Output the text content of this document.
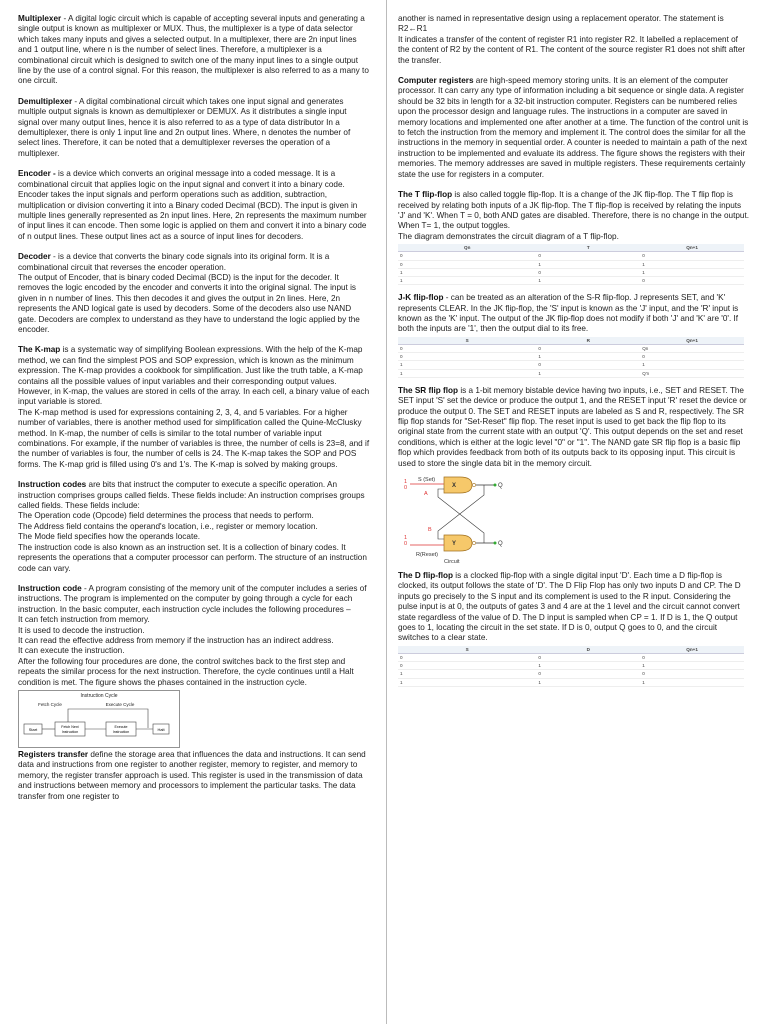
Multiplexer - A digital logic circuit which is capable of accepting several inputs and generating a single output is known as multiplexer or MUX. Thus, the multiplexer is a type of data selector which takes many inputs and gives a selected output. In a multiplexer, there are 2n input lines and 1 output line, where n is the number of select lines. Therefore, a multiplexer is a combinational circuit which is designed to switch one of the many input lines to a single output line by the use of a control signal. For this reason, the multiplexer is also referred to as a many to one circuit.

Demultiplexer - A digital combinational circuit which takes one input signal and generates multiple output signals is known as demultiplexer or DEMUX. As it distributes a single input signal over many output lines, hence it is also referred to as a type of data distributor In a demultiplexer, there is only 1 input line and 2n output lines. Where, n denotes the number of select lines. Therefore, it can be noted that a demultiplexer reverses the operation of a multiplexer.

Encoder - is a device which converts an original message into a coded message. It is a combinational circuit that applies logic on the input signal and convert it into a binary code. Encoder takes the input signals and perform operations such as addition, subtraction, multiplication or division converting it into a Binary coded Decimal (BCD). The input is given in multiple lines generally represented as 2n input lines. Here, 2n represents the maximum number of input lines it can encode. Then some logic is applied on them and convert it into a binary code of n output lines. These output lines act as a source of input lines for decoders.

Decoder - is a device that converts the binary code signals into its original form. It is a combinational circuit that reverses the encoder operation.

The output of Encoder, that is binary coded Decimal (BCD) is the input for the decoder. It removes the logic encoded by the encoder and converts it into the original signal. The input is given in n number of lines. This then decodes it and gives the output in 2n lines. Here, 2n represents the AND logical gate is used by decoders. Some of the decoders also use NAND gate. Decoders are complex to understand as they have to understand the logic applied by the encoder.

The K-map is a systematic way of simplifying Boolean expressions. With the help of the K-map method, we can find the simplest POS and SOP expression, which is known as the minimum expression. The K-map provides a cookbook for simplification. Just like the truth table, a K-map contains all the possible values of input variables and their corresponding output values. However, in K-map, the values are stored in cells of the array. In each cell, a binary value of each input variable is stored.

The K-map method is used for expressions containing 2, 3, 4, and 5 variables. For a higher number of variables, there is another method used for simplification called the Quine-McClusky method. In K-map, the number of cells is similar to the total number of variable input combinations. For example, if the number of variables is three, the number of cells is 23=8, and if the number of variables is four, the number of cells is 24. The K-map takes the SOP and POS forms. The K-map grid is filled using 0's and 1's. The K-map is solved by making groups.

Instruction codes are bits that instruct the computer to execute a specific operation. An instruction comprises groups called fields. These fields include: An instruction comprises groups called fields. These fields include:

The Operation code (Opcode) field determines the process that needs to perform.

The Address field contains the operand's location, i.e., register or memory location.

The Mode field specifies how the operands locate.

The instruction code is also known as an instruction set. It is a collection of binary codes. It represents the operations that a computer processor can perform. The structure of an instruction code can vary.

Instruction code - A program consisting of the memory unit of the computer includes a series of instructions. The program is implemented on the computer by going through a cycle for each instruction. In the basic computer, each instruction cycle includes the following procedures –

It can fetch instruction from memory.

It is used to decode the instruction.

It can read the effective address from memory if the instruction has an indirect address.

It can execute the instruction.

After the following four procedures are done, the control switches back to the first step and repeats the similar process for the next instruction. Therefore, the cycle continues until a Halt condition is met. The figure shows the phases contained in the instruction cycle.

Instruction Cycle
Fetch Cycle	Execute Cycle
Start	Fetch Next
Instruction
Execute
Instruction	Halt

Registers transfer define the storage area that influences the data and instructions. It can send data and instructions from one register to another register, memory to register, and memory to memory, the register transfer approach is used. This register is used in the transmission of data and instructions between memory and processors to implement the particular tasks. The data transfer from one register to

another is named in representative design using a replacement operator. The statement is R2←R1

It indicates a transfer of the content of register R1 into register R2. It labelled a replacement of the content of R2 by the content of R1. The content of the source register R1 does not shift after the transfer.

Computer registers are high-speed memory storing units. It is an element of the computer processor. It can carry any type of information including a bit sequence or single data. A register should be 32 bits in length for a 32-bit instruction computer. Registers can be numbered relies upon the processor design and language rules. The instructions in a computer are saved in memory locations and implemented one after another at a time. The function of the control unit is to fetch the instruction from the memory and implement it. The control does the similar for all the instructions in the memory in sequential order. A counter is needed to maintain a path of the next instruction to be implemented and evaluate its address. The figure shows the registers with their memories. The memory addresses are saved in multiple registers. These requirements certainly state the use for registers in a computer.

The T flip-flop is also called toggle flip-flop. It is a change of the JK flip-flop. The T flip flop is received by relating both inputs of a JK flip-flop. The T flip-flop is received by relating the inputs 'J' and 'K'. When T = 0, both AND gates are disabled. Therefore, there is no change in the output. When T= 1, the output toggles.

The diagram demonstrates the circuit diagram of a T flip-flop.

Qn	T	Qn+1
0	0	0
0	1	1
1	0	1
1	1	0

J-K flip-flop - can be treated as an alteration of the S-R flip-flop. J represents SET, and 'K' represents CLEAR. In the JK flip-flop, the 'S' input is known as the 'J' input, and the 'R' input is known as the 'K' input. The output of the JK flip-flop does not modify if both 'J' and 'K' are '0'. If both the inputs are '1', then the output dial to its free.

S	R	Qn+1
0	0	Qn
0	1	0
1	0	1
1	1	Q'n

The SR flip flop is a 1-bit memory bistable device having two inputs, i.e., SET and RESET. The SET input 'S' set the device or produce the output 1, and the RESET input 'R' reset the device or produce the output 0. The SET and RESET inputs are labeled as S and R, respectively. The SR flip flop stands for "Set-Reset" flip flop. The reset input is used to get back the flip flop to its original state from the current state with an output 'Q'. This output depends on the set and reset conditions, which is either at the logic level "0" or "1". The NAND gate SR flip flop is a basic flip flop which provides feedback from both of its outputs back to its opposing input. This circuit is used to store the single data bit in the memory circuit.

S (Set)
1
0
A
X	Q
B
1
0	Y	Q
R(Reset)
Circuit

The D flip-flop is a clocked flip-flop with a single digital input 'D'. Each time a D flip-flop is clocked, its output follows the state of 'D'. The D Flip Flop has only two inputs D and CP. The D inputs go precisely to the S input and its complement is used to the R input. Considering the pulse input is at 0, the outputs of gates 3 and 4 are at the 1 level and the circuit cannot convert state regardless of the value of D. The D input is sampled when CP = 1. If D is 1, the Q output goes to 1, locating the circuit in the set state. If D is 0, output Q goes to 0, and the circuit switches to a clear state.

S	D	Qn+1
0	0	0
0	1	1
1	0	0
1	1	1
